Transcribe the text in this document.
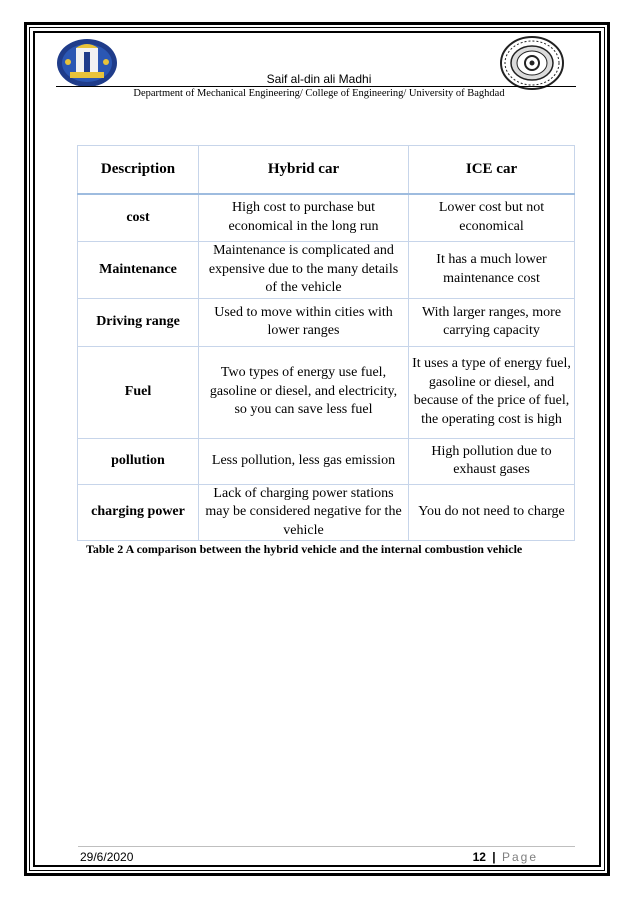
Saif al-din ali Madhi
Department of Mechanical Engineering/ College of Engineering/ University of Baghdad
Description	Hybrid car	ICE car
cost	High cost to purchase but economical in the long run	Lower cost but not economical
Maintenance	Maintenance is complicated and expensive due to the many details of the vehicle	It has a much lower maintenance cost
Driving range	Used to move within cities with lower ranges	With larger ranges, more carrying capacity
Fuel	Two types of energy use fuel, gasoline or diesel, and electricity, so you can save less fuel	It uses a type of energy fuel, gasoline or diesel, and because of the price of fuel, the operating cost is high
pollution	Less pollution, less gas emission	High pollution due to exhaust gases
charging power	Lack of charging power stations may be considered negative for the vehicle	You do not need to charge
Table 2 A comparison between the hybrid vehicle and the internal combustion vehicle
29/6/2020	12 | Page
